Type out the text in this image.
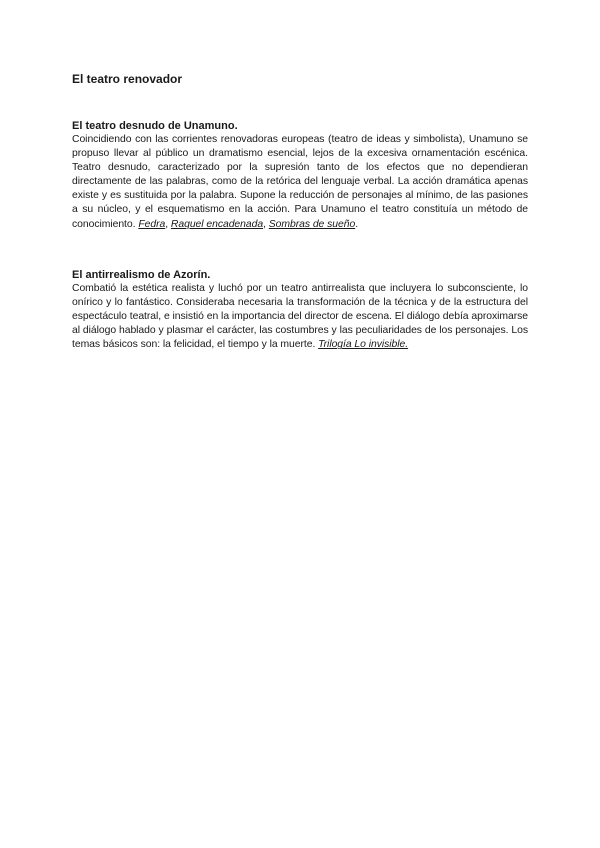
El teatro renovador

El teatro desnudo de Unamuno.

Coincidiendo con las corrientes renovadoras europeas (teatro de ideas y simbolista), Unamuno se propuso llevar al público un dramatismo esencial, lejos de la excesiva ornamentación escénica. Teatro desnudo, caracterizado por la supresión tanto de los efectos que no dependieran directamente de las palabras, como de la retórica del lenguaje verbal. La acción dramática apenas existe y es sustituida por la palabra. Supone la reducción de personajes al mínimo, de las pasiones a su núcleo, y el esquematismo en la acción. Para Unamuno el teatro constituía un método de conocimiento. Fedra, Raquel encadenada, Sombras de sueño.

El antirrealismo de Azorín.

Combatió la estética realista y luchó por un teatro antirrealista que incluyera lo subconsciente, lo onírico y lo fantástico. Consideraba necesaria la transformación de la técnica y de la estructura del espectáculo teatral, e insistió en la importancia del director de escena. El diálogo debía aproximarse al diálogo hablado y plasmar el carácter, las costumbres y las peculiaridades de los personajes. Los temas básicos son: la felicidad, el tiempo y la muerte. Trilogía Lo invisible.
